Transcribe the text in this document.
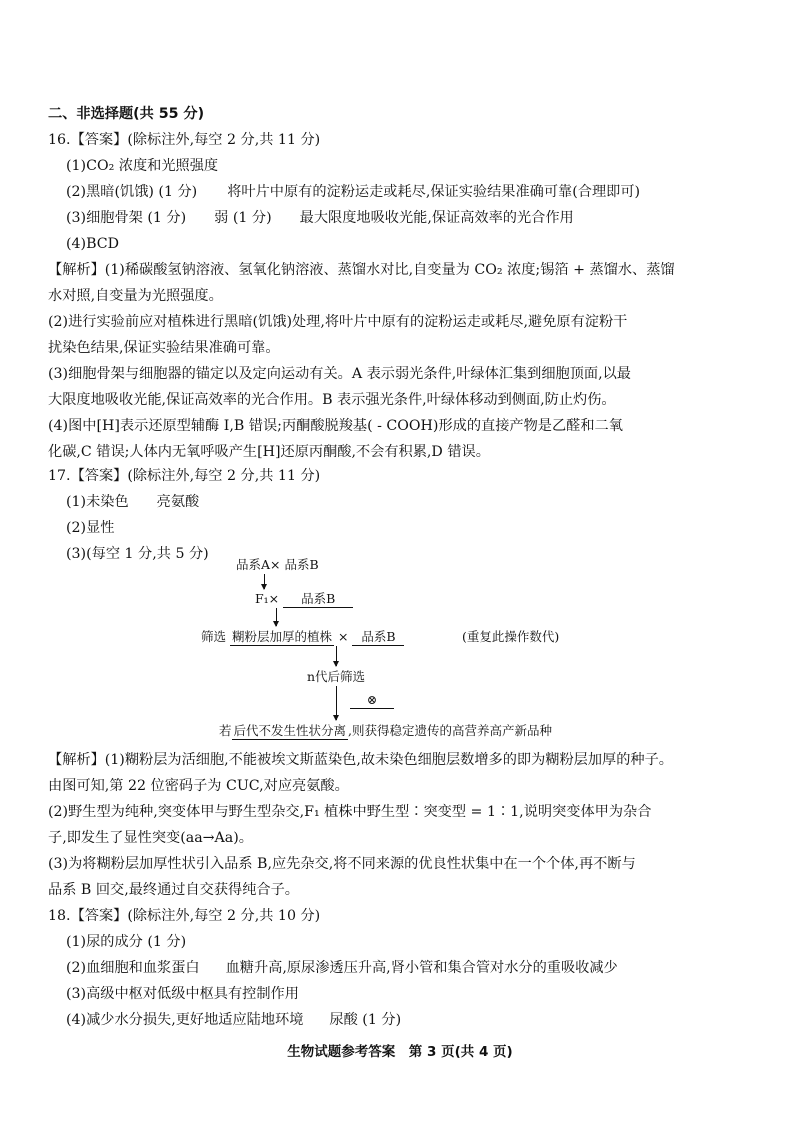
二、非选择题(共 55 分)
16.【答案】(除标注外,每空 2 分,共 11 分)
(1)CO₂ 浓度和光照强度
(2)黑暗(饥饿) (1 分) 将叶片中原有的淀粉运走或耗尽,保证实验结果准确可靠(合理即可)
(3)细胞骨架 (1 分) 弱 (1 分) 最大限度地吸收光能,保证高效率的光合作用
(4)BCD
【解析】(1)稀碳酸氢钠溶液、氢氧化钠溶液、蒸馏水对比,自变量为 CO₂ 浓度;锡箔 + 蒸馏水、蒸馏
水对照,自变量为光照强度。
(2)进行实验前应对植株进行黑暗(饥饿)处理,将叶片中原有的淀粉运走或耗尽,避免原有淀粉干
扰染色结果,保证实验结果准确可靠。
(3)细胞骨架与细胞器的锚定以及定向运动有关。A 表示弱光条件,叶绿体汇集到细胞顶面,以最
大限度地吸收光能,保证高效率的光合作用。B 表示强光条件,叶绿体移动到侧面,防止灼伤。
(4)图中[H]表示还原型辅酶 Ⅰ,B 错误;丙酮酸脱羧基( - COOH)形成的直接产物是乙醛和二氧
化碳,C 错误;人体内无氧呼吸产生[H]还原丙酮酸,不会有积累,D 错误。
17.【答案】(除标注外,每空 2 分,共 11 分)
(1)未染色 亮氨酸
(2)显性
(3)(每空 1 分,共 5 分)
品系A× 品系B
F₁× 品系B
筛选 糊粉层加厚的植株 × 品系B	(重复此操作数代)
n代后筛选
⊗
若 后代不发生性状分离 ,则获得稳定遗传的高营养高产新品种
【解析】(1)糊粉层为活细胞,不能被埃文斯蓝染色,故未染色细胞层数增多的即为糊粉层加厚的种子。
由图可知,第 22 位密码子为 CUC,对应亮氨酸。
(2)野生型为纯种,突变体甲与野生型杂交,F₁ 植株中野生型∶突变型 = 1∶1,说明突变体甲为杂合
子,即发生了显性突变(aa→Aa)。
(3)为将糊粉层加厚性状引入品系 B,应先杂交,将不同来源的优良性状集中在一个个体,再不断与
品系 B 回交,最终通过自交获得纯合子。
18.【答案】(除标注外,每空 2 分,共 10 分)
(1)尿的成分 (1 分)
(2)血细胞和血浆蛋白 血糖升高,原尿渗透压升高,肾小管和集合管对水分的重吸收减少
(3)高级中枢对低级中枢具有控制作用
(4)减少水分损失,更好地适应陆地环境 尿酸 (1 分)
生物试题参考答案　第 3 页(共 4 页)
